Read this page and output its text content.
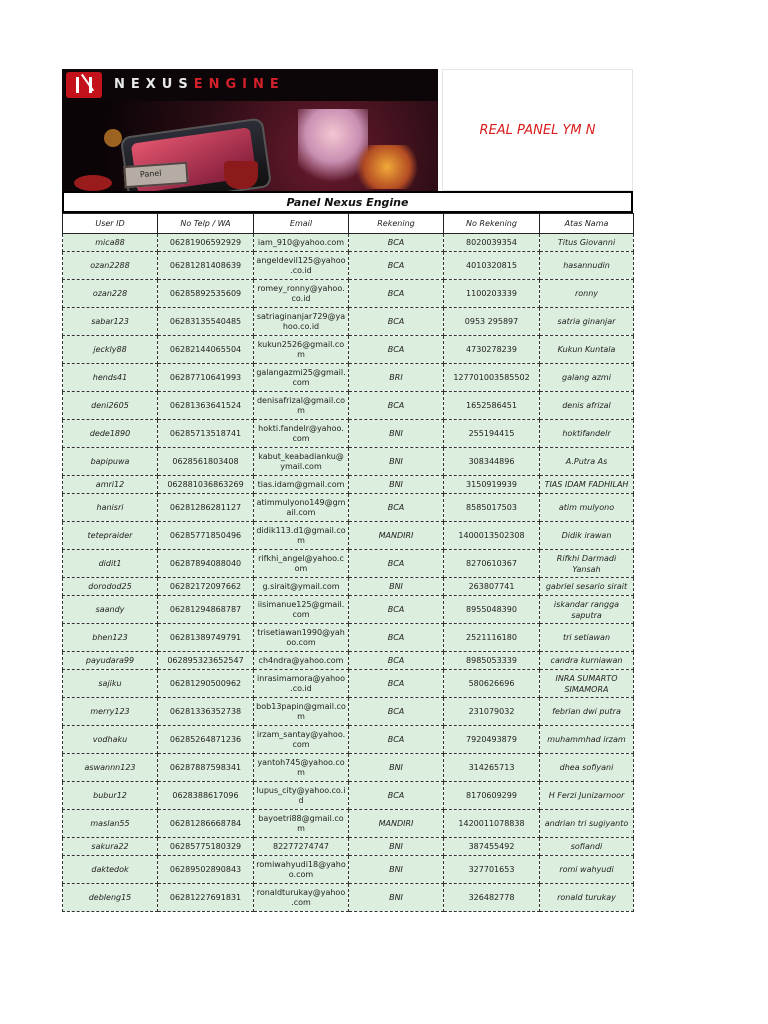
Panel
NEXUSENGINE
REAL PANEL YM N
Panel Nexus Engine
User ID	No Telp / WA	Email	Rekening	No Rekening	Atas Nama
mica88	06281906592929	iam_910@yahoo.com	BCA	8020039354	Titus Giovanni
ozan2288	06281281408639	angeldevil125@yahoo.co.id	BCA	4010320815	hasannudin
ozan228	06285892535609	romey_ronny@yahoo.co.id	BCA	1100203339	ronny
sabar123	06283135540485	satriaginanjar729@yahoo.co.id	BCA	0953 295897	satria ginanjar
jeckly88	06282144065504	kukun2526@gmail.com	BCA	4730278239	Kukun Kuntala
hends41	06287710641993	galangazmi25@gmail.com	BRI	127701003585502	galang azmi
deni2605	06281363641524	denisafrizal@gmail.com	BCA	1652586451	denis afrizal
dede1890	06285713518741	hokti.fandelr@yahoo.com	BNI	255194415	hoktifandelr
bapipuwa	0628561803408	kabut_keabadianku@ymail.com	BNI	308344896	A.Putra As
amri12	062881036863269	tias.idam@gmail.com	BNI	3150919939	TIAS IDAM FADHILAH
hanisri	06281286281127	atimmulyono149@gmail.com	BCA	8585017503	atim mulyono
tetepraider	06285771850496	didik113.d1@gmail.com	MANDIRI	1400013502308	Didik irawan
didit1	06287894088040	rifkhi_angel@yahoo.com	BCA	8270610367	Rifkhi Darmadi Yansah
dorodod25	06282172097662	g.sirait@ymail.com	BNI	263807741	gabriel sesario sirait
saandy	06281294868787	iisimanue125@gmail.com	BCA	8955048390	iskandar rangga saputra
bhen123	06281389749791	trisetiawan1990@yahoo.com	BCA	2521116180	tri setiawan
payudara99	062895323652547	ch4ndra@yahoo.com	BCA	8985053339	candra kurniawan
sajiku	06281290500962	inrasimamora@yahoo.co.id	BCA	580626696	INRA SUMARTO SIMAMORA
merry123	06281336352738	bob13papin@gmail.com	BCA	231079032	febrian dwi putra
vodhaku	06285264871236	irzam_santay@yahoo.com	BCA	7920493879	muhammhad irzam
aswannn123	06287887598341	yantoh745@yahoo.com	BNI	314265713	dhea sofiyani
bubur12	0628388617096	lupus_city@yahoo.co.id	BCA	8170609299	H Ferzi Junizarnoor
maslan55	06281286668784	bayoetri88@gmail.com	MANDIRI	1420011078838	andrian tri sugiyanto
sakura22	06285775180329	82277274747	BNI	387455492	sofiandi
daktedok	06289502890843	romiwahyudi18@yahoo.com	BNI	327701653	romi wahyudi
debleng15	06281227691831	ronaldturukay@yahoo.com	BNI	326482778	ronald turukay
